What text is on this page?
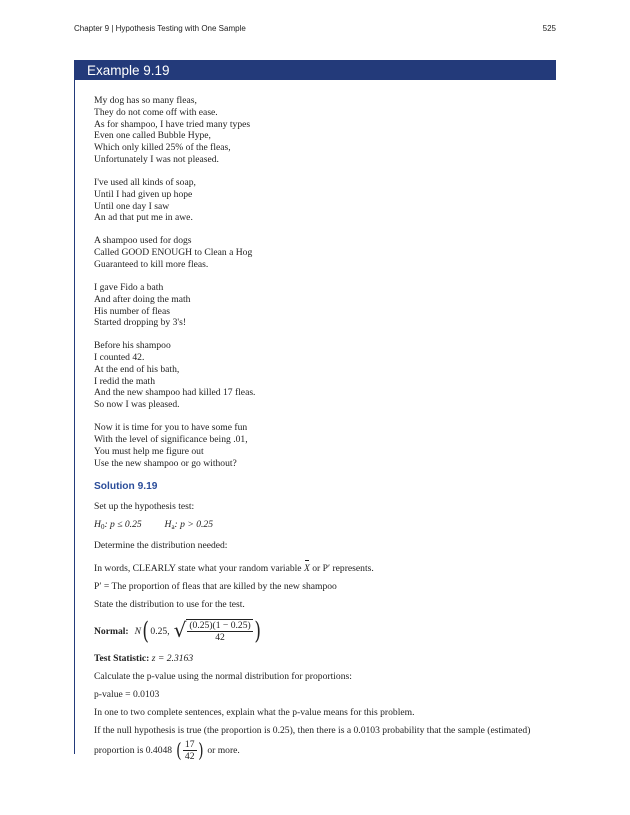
Chapter 9 | Hypothesis Testing with One Sample	525
Example 9.19
My dog has so many fleas,
They do not come off with ease.
As for shampoo, I have tried many types
Even one called Bubble Hype,
Which only killed 25% of the fleas,
Unfortunately I was not pleased.
I've used all kinds of soap,
Until I had given up hope
Until one day I saw
An ad that put me in awe.
A shampoo used for dogs
Called GOOD ENOUGH to Clean a Hog
Guaranteed to kill more fleas.
I gave Fido a bath
And after doing the math
His number of fleas
Started dropping by 3's!
Before his shampoo
I counted 42.
At the end of his bath,
I redid the math
And the new shampoo had killed 17 fleas.
So now I was pleased.
Now it is time for you to have some fun
With the level of significance being .01,
You must help me figure out
Use the new shampoo or go without?
Solution 9.19
Set up the hypothesis test:
$H_0$: p ≤ 0.25 $H_a$: p > 0.25
Determine the distribution needed:
In words, CLEARLY state what your random variable X or P′ represents.
P′ = The proportion of fleas that are killed by the new shampoo
State the distribution to use for the test.
Normal: N ( 0.25, √ $\frac{(0.25)(1 - 0.25)}{42}$ )
Test Statistic: z = 2.3163
Calculate the p-value using the normal distribution for proportions:
p-value = 0.0103
In one to two complete sentences, explain what the p-value means for this problem.
If the null hypothesis is true (the proportion is 0.25), then there is a 0.0103 probability that the sample (estimated)
proportion is 0.4048 ( $\frac{17}{42}$ ) or more.
